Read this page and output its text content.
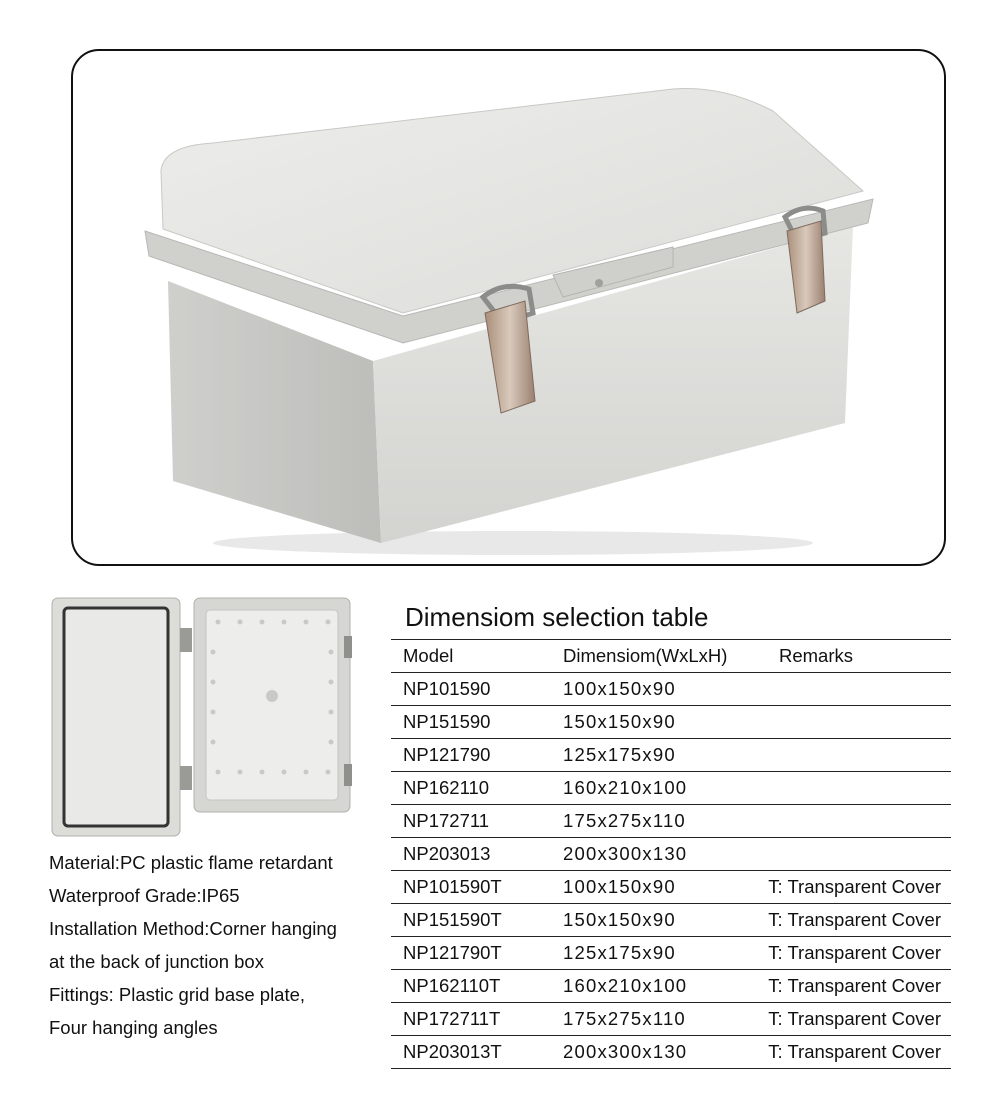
Material:PC plastic flame retardant
Waterproof Grade:IP65
Installation Method:Corner hanging
at the back of junction box
Fittings: Plastic grid base plate,
Four hanging angles
Dimensiom selection table
Model	Dimensiom(WxLxH)	Remarks
NP101590	100x150x90	
NP151590	150x150x90	
NP121790	125x175x90	
NP162110	160x210x100	
NP172711	175x275x110	
NP203013	200x300x130	
NP101590T	100x150x90	T: Transparent Cover
NP151590T	150x150x90	T: Transparent Cover
NP121790T	125x175x90	T: Transparent Cover
NP162110T	160x210x100	T: Transparent Cover
NP172711T	175x275x110	T: Transparent Cover
NP203013T	200x300x130	T: Transparent Cover
